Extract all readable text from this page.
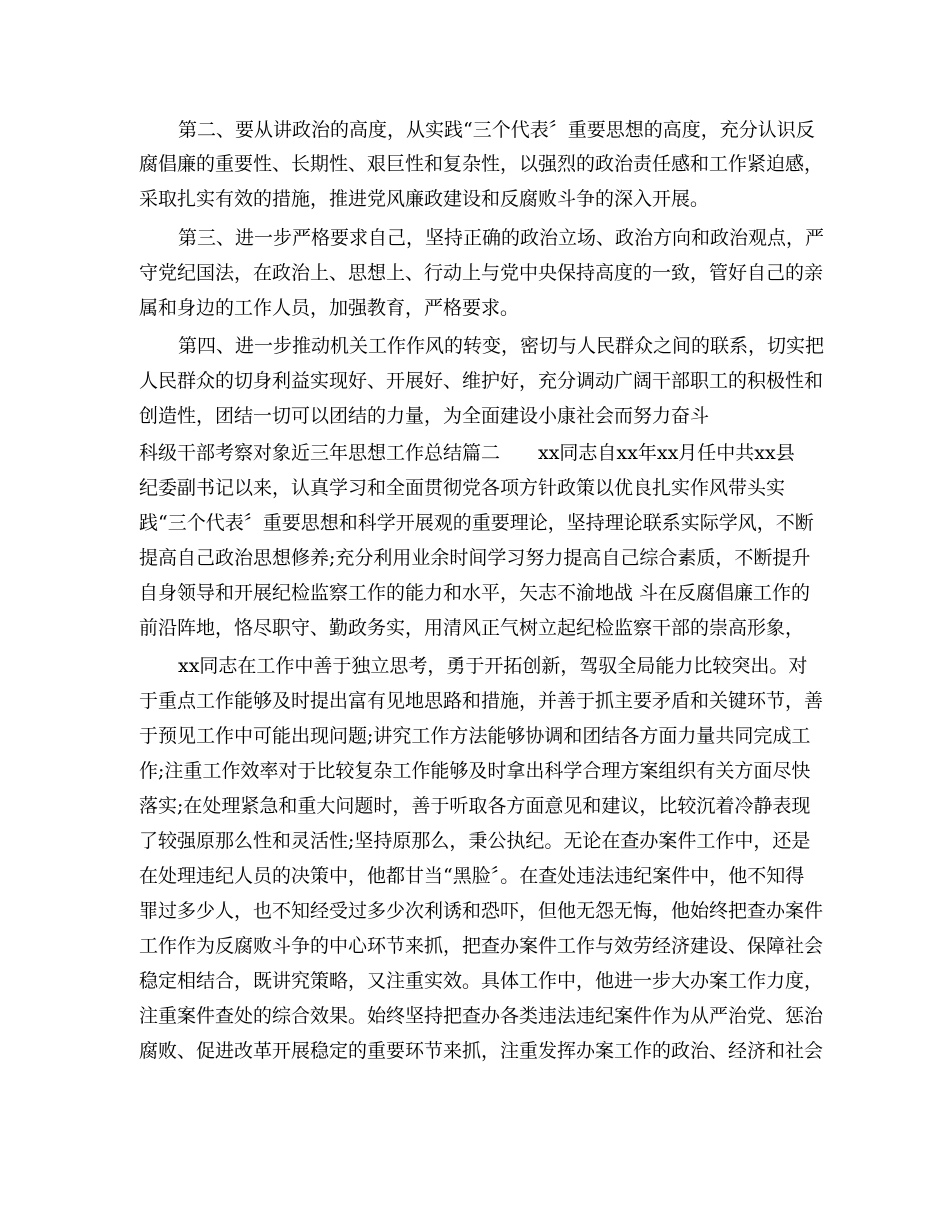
第二、要从讲政治的高度，从实践“三个代表〞重要思想的高度，充分认识反
腐倡廉的重要性、长期性、艰巨性和复杂性，以强烈的政治责任感和工作紧迫感，
采取扎实有效的措施，推进党风廉政建设和反腐败斗争的深入开展。
第三、进一步严格要求自己，坚持正确的政治立场、政治方向和政治观点，严
守党纪国法，在政治上、思想上、行动上与党中央保持高度的一致，管好自己的亲
属和身边的工作人员，加强教育，严格要求。
第四、进一步推动机关工作作风的转变，密切与人民群众之间的联系，切实把
人民群众的切身利益实现好、开展好、维护好，充分调动广阔干部职工的积极性和
创造性，团结一切可以团结的力量，为全面建设小康社会而努力奋斗
科级干部考察对象近三年思想工作总结篇二　　xx同志自xx年xx月任中共xx县
纪委副书记以来，认真学习和全面贯彻党各项方针政策以优良扎实作风带头实
践“三个代表〞重要思想和科学开展观的重要理论，坚持理论联系实际学风，不断
提高自己政治思想修养;充分利用业余时间学习努力提高自己综合素质，不断提升
自身领导和开展纪检监察工作的能力和水平，矢志不渝地战 斗在反腐倡廉工作的
前沿阵地，恪尽职守、勤政务实，用清风正气树立起纪检监察干部的崇高形象，
xx同志在工作中善于独立思考，勇于开拓创新，驾驭全局能力比较突出。对
于重点工作能够及时提出富有见地思路和措施，并善于抓主要矛盾和关键环节，善
于预见工作中可能出现问题;讲究工作方法能够协调和团结各方面力量共同完成工
作;注重工作效率对于比较复杂工作能够及时拿出科学合理方案组织有关方面尽快
落实;在处理紧急和重大问题时，善于听取各方面意见和建议，比较沉着冷静表现
了较强原那么性和灵活性;坚持原那么，秉公执纪。无论在查办案件工作中，还是
在处理违纪人员的决策中，他都甘当“黑脸〞。在查处违法违纪案件中，他不知得
罪过多少人，也不知经受过多少次利诱和恐吓，但他无怨无悔，他始终把查办案件
工作作为反腐败斗争的中心环节来抓，把查办案件工作与效劳经济建设、保障社会
稳定相结合，既讲究策略，又注重实效。具体工作中，他进一步大办案工作力度，
注重案件查处的综合效果。始终坚持把查办各类违法违纪案件作为从严治党、惩治
腐败、促进改革开展稳定的重要环节来抓，注重发挥办案工作的政治、经济和社会
